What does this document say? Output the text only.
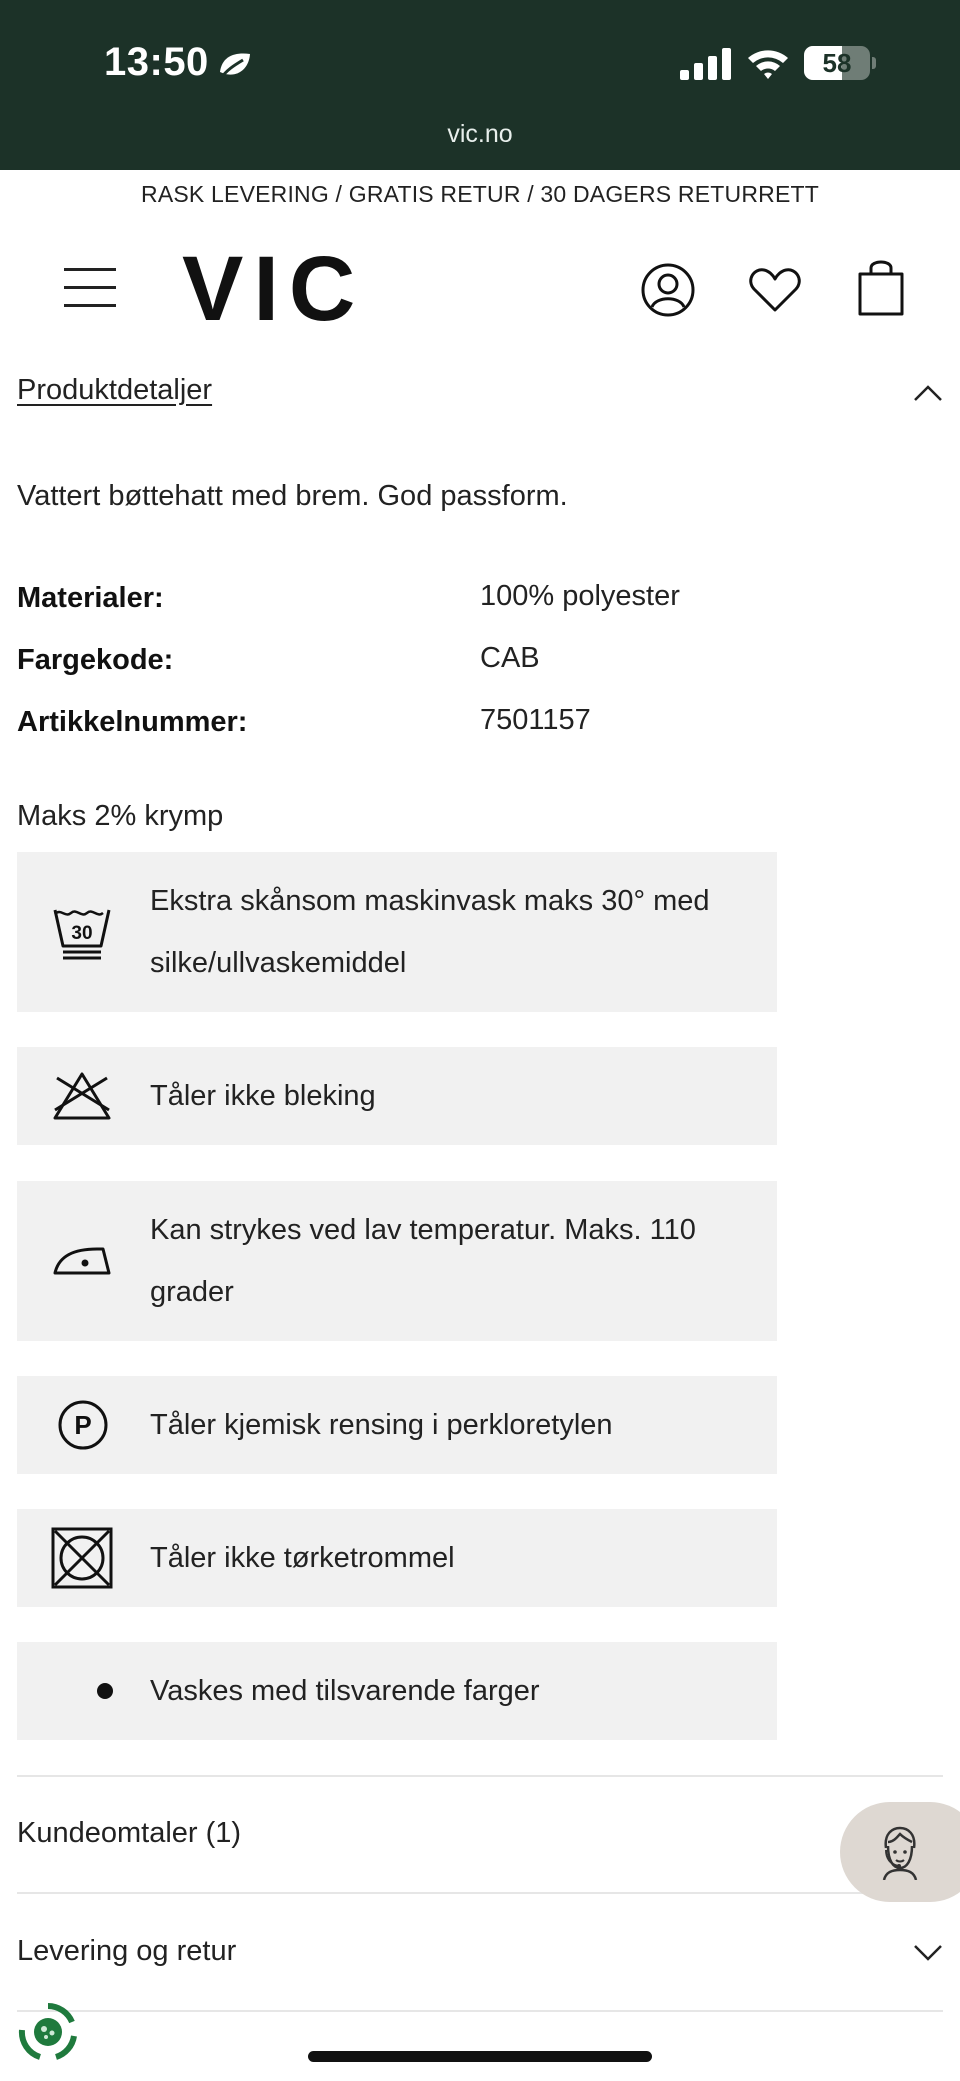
13:50	58
vic.no
RASK LEVERING / GRATIS RETUR / 30 DAGERS RETURRETT
VIC
Produktdetaljer
Vattert bøttehatt med brem. God passform.
Materialer:	100% polyester
Fargekode:	CAB
Artikkelnummer:	7501157
Maks 2% krymp
30
Ekstra skånsom maskinvask maks 30° med silke/ullvaskemiddel
Tåler ikke bleking
Kan strykes ved lav temperatur. Maks. 110 grader
P Tåler kjemisk rensing i perkloretylen
Tåler ikke tørketrommel
Vaskes med tilsvarende farger
Kundeomtaler (1)
Levering og retur
